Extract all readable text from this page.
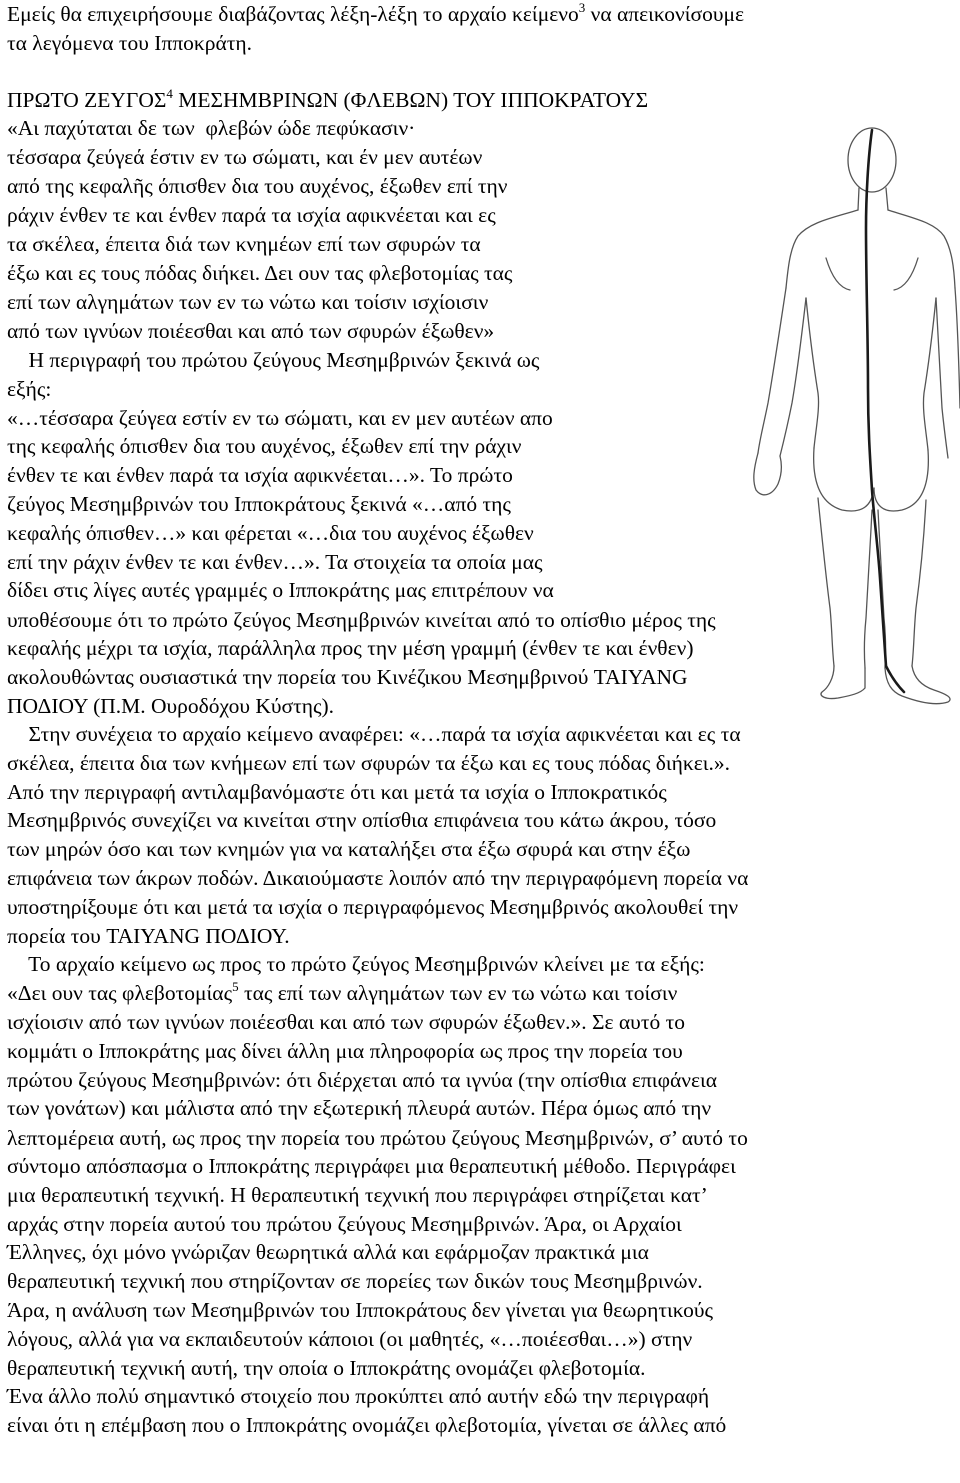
Εμείς θα επιχειρήσουμε διαβάζοντας λέξη-λέξη το αρχαίο κείμενο$^3$ να απεικονίσουμε
τα λεγόμενα του Ιπποκράτη.
ΠΡΩΤΟ ΖΕΥΓΟΣ$^4$ ΜΕΣΗΜΒΡΙΝΩΝ (ΦΛΕΒΩΝ) ΤΟΥ ΙΠΠΟΚΡΑΤΟΥΣ
«Αι παχύταται δε των  φλεβών ώδε πεφύκασιν·
τέσσαρα ζεύγεά έστιν εν τω σώματι, και έν μεν αυτέων
από της κεφαλῆς όπισθεν δια του αυχένος, έξωθεν επί την
ράχιν ένθεν τε και ένθεν παρά τα ισχία αφικνέεται και ες
τα σκέλεα, έπειτα διά των κνημέων επί των σφυρών τα
έξω και ες τους πόδας διήκει. Δει ουν τας φλεβοτομίας τας
επί των αλγημάτων των εν τω νώτω και τοίσιν ισχίοισιν
από των ιγνύων ποιέεσθαι και από των σφυρών έξωθεν»
Η περιγραφή του πρώτου ζεύγους Μεσημβρινών ξεκινά ως
εξής:
«…τέσσαρα ζεύγεα εστίν εν τω σώματι, και εν μεν αυτέων απο
της κεφαλής όπισθεν δια του αυχένος, έξωθεν επί την ράχιν
ένθεν τε και ένθεν παρά τα ισχία αφικνέεται…». Το πρώτο
ζεύγος Μεσημβρινών του Ιπποκράτους ξεκινά «…από της
κεφαλής όπισθεν…» και φέρεται «…δια του αυχένος έξωθεν
επί την ράχιν ένθεν τε και ένθεν…». Τα στοιχεία τα οποία μας
δίδει στις λίγες αυτές γραμμές ο Ιπποκράτης μας επιτρέπουν να
υποθέσουμε ότι το πρώτο ζεύγος Μεσημβρινών κινείται από το οπίσθιο μέρος της
κεφαλής μέχρι τα ισχία, παράλληλα προς την μέση γραμμή (ένθεν τε και ένθεν)
ακολουθώντας ουσιαστικά την πορεία του Κινέζικου Μεσημβρινού TAIYANG
ΠΟΔΙΟΥ (Π.Μ. Ουροδόχου Κύστης).
Στην συνέχεια το αρχαίο κείμενο αναφέρει: «…παρά τα ισχία αφικνέεται και ες τα
σκέλεα, έπειτα δια των κνήμεων επί των σφυρών τα έξω και ες τους πόδας διήκει.».
Από την περιγραφή αντιλαμβανόμαστε ότι και μετά τα ισχία ο Ιπποκρατικός
Μεσημβρινός συνεχίζει να κινείται στην οπίσθια επιφάνεια του κάτω άκρου, τόσο
των μηρών όσο και των κνημών για να καταλήξει στα έξω σφυρά και στην έξω
επιφάνεια των άκρων ποδών. Δικαιούμαστε λοιπόν από την περιγραφόμενη πορεία να
υποστηρίξουμε ότι και μετά τα ισχία ο περιγραφόμενος Μεσημβρινός ακολουθεί την
πορεία του TAIYANG ΠΟΔΙΟΥ.
Το αρχαίο κείμενο ως προς το πρώτο ζεύγος Μεσημβρινών κλείνει με τα εξής:
«Δει ουν τας φλεβοτομίας$^5$ τας επί των αλγημάτων των εν τω νώτω και τοίσιν
ισχίοισιν από των ιγνύων ποιέεσθαι και από των σφυρών έξωθεν.». Σε αυτό το
κομμάτι ο Ιπποκράτης μας δίνει άλλη μια πληροφορία ως προς την πορεία του
πρώτου ζεύγους Μεσημβρινών: ότι διέρχεται από τα ιγνύα (την οπίσθια επιφάνεια
των γονάτων) και μάλιστα από την εξωτερική πλευρά αυτών. Πέρα όμως από την
λεπτομέρεια αυτή, ως προς την πορεία του πρώτου ζεύγους Μεσημβρινών, σ’ αυτό το
σύντομο απόσπασμα ο Ιπποκράτης περιγράφει μια θεραπευτική μέθοδο. Περιγράφει
μια θεραπευτική τεχνική. Η θεραπευτική τεχνική που περιγράφει στηρίζεται κατ’
αρχάς στην πορεία αυτού του πρώτου ζεύγους Μεσημβρινών. Άρα, οι Αρχαίοι
Έλληνες, όχι μόνο γνώριζαν θεωρητικά αλλά και εφάρμοζαν πρακτικά μια
θεραπευτική τεχνική που στηρίζονταν σε πορείες των δικών τους Μεσημβρινών.
Άρα, η ανάλυση των Μεσημβρινών του Ιπποκράτους δεν γίνεται για θεωρητικούς
λόγους, αλλά για να εκπαιδευτούν κάποιοι (οι μαθητές, «…ποιέεσθαι…») στην
θεραπευτική τεχνική αυτή, την οποία ο Ιπποκράτης ονομάζει φλεβοτομία.
Ένα άλλο πολύ σημαντικό στοιχείο που προκύπτει από αυτήν εδώ την περιγραφή
είναι ότι η επέμβαση που ο Ιπποκράτης ονομάζει φλεβοτομία, γίνεται σε άλλες από
